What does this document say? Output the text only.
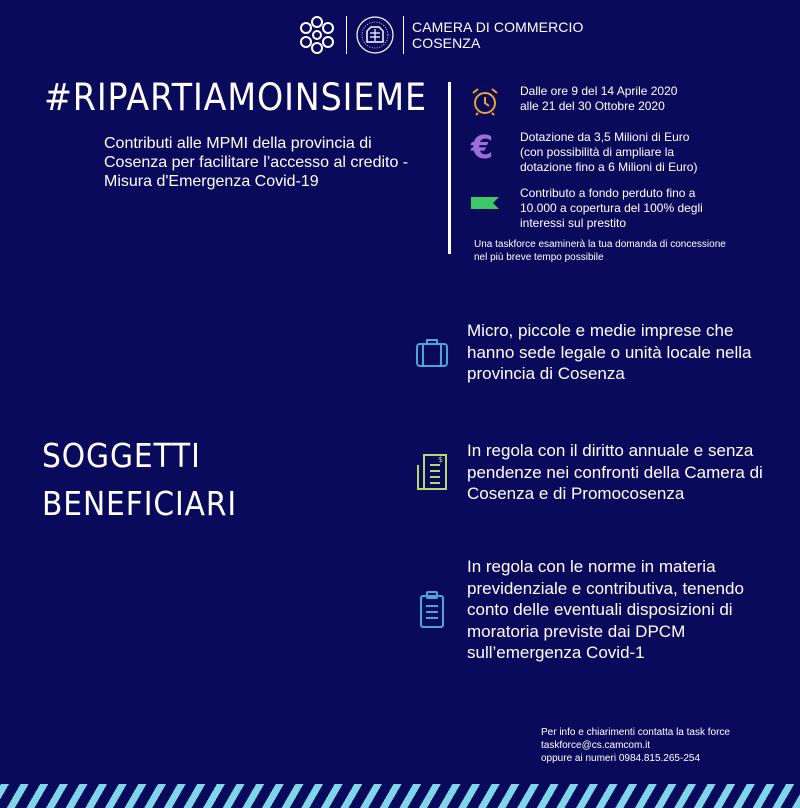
CAMERA DI COMMERCIO
COSENZA
#RIPARTIAMOINSIEME
Contributi alle MPMI della provincia di Cosenza per facilitare l’accesso al credito - Misura d'Emergenza Covid-19
Dalle ore 9 del 14 Aprile 2020
alle 21 del 30 Ottobre 2020
€ Dotazione da 3,5 Milioni di Euro
(con possibilità di ampliare la
dotazione fino a 6 Milioni di Euro)
Contributo a fondo perduto fino a
10.000 a copertura del 100% degli
interessi sul prestito
Una taskforce esaminerà la tua domanda di concessione
nel più breve tempo possibile
SOGGETTI
BENEFICIARI
Micro, piccole e medie imprese che hanno sede legale o unità locale nella provincia di Cosenza
$ In regola con il diritto annuale e senza pendenze nei confronti della Camera di Cosenza e di Promocosenza
In regola con le norme in materia previdenziale e contributiva, tenendo conto delle eventuali disposizioni di moratoria previste dai DPCM sull’emergenza Covid-1
Per info e chiarimenti contatta la task force
taskforce@cs.camcom.it
oppure ai numeri 0984.815.265-254
